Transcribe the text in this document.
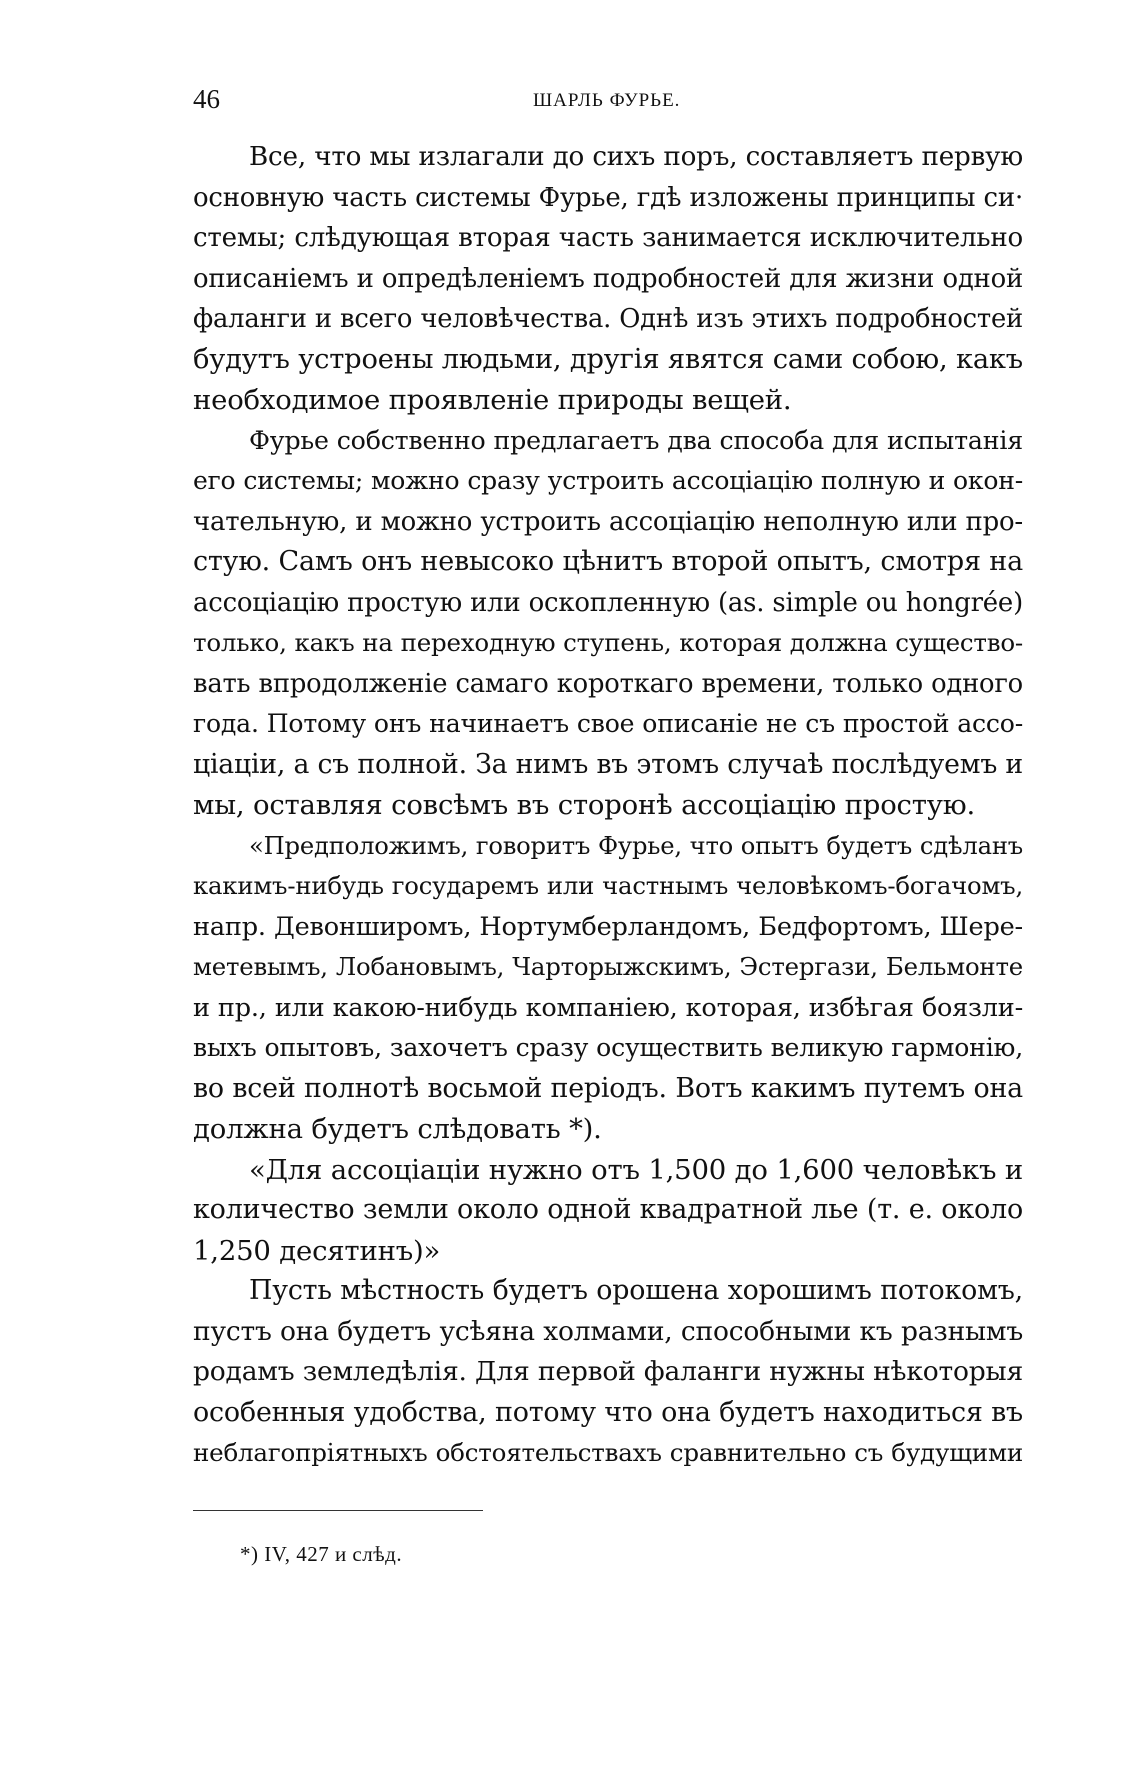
46	ШАРЛЬ ФУРЬЕ.
Все, что мы излагали до сихъ поръ, составляетъ первую
основную часть системы Фурье, гдѣ изложены принципы си·
стемы; слѣдующая вторая часть занимается исключительно
описаніемъ и опредѣленіемъ подробностей для жизни одной
фаланги и всего человѣчества. Однѣ изъ этихъ подробностей
будутъ устроены людьми, другія явятся сами собою, какъ
необходимое проявленіе природы вещей.
Фурье собственно предлагаетъ два способа для испытанія
его системы; можно сразу устроить ассоціацію полную и окон-
чательную, и можно устроить ассоціацію неполную или про-
стую. Самъ онъ невысоко цѣнитъ второй опытъ, смотря на
ассоціацію простую или оскопленную (as. simple ou hongrée)
только, какъ на переходную ступень, которая должна существо-
вать впродолженіе самаго короткаго времени, только одного
года. Потому онъ начинаетъ свое описаніе не съ простой ассо-
ціаціи, а съ полной. За нимъ въ этомъ случаѣ послѣдуемъ и
мы, оставляя совсѣмъ въ сторонѣ ассоціацію простую.
«Предположимъ, говоритъ Фурье, что опытъ будетъ сдѣланъ
какимъ-нибудь государемъ или частнымъ человѣкомъ-богачомъ,
напр. Девонширомъ, Нортумберландомъ, Бедфортомъ, Шере-
метевымъ, Лобановымъ, Чарторыжскимъ, Эстергази, Бельмонте
и пр., или какою-нибудь компаніею, которая, избѣгая боязли-
выхъ опытовъ, захочетъ сразу осуществить великую гармонію,
во всей полнотѣ восьмой періодъ. Вотъ какимъ путемъ она
должна будетъ слѣдовать *).
«Для ассоціаціи нужно отъ 1,500 до 1,600 человѣкъ и
количество земли около одной квадратной лье (т. е. около
1,250 десятинъ)»
Пусть мѣстность будетъ орошена хорошимъ потокомъ,
пустъ она будетъ усѣяна холмами, способными къ разнымъ
родамъ земледѣлія. Для первой фаланги нужны нѣкоторыя
особенныя удобства, потому что она будетъ находиться въ
неблагопріятныхъ обстоятельствахъ сравнительно съ будущими
*) IV, 427 и слѣд.
